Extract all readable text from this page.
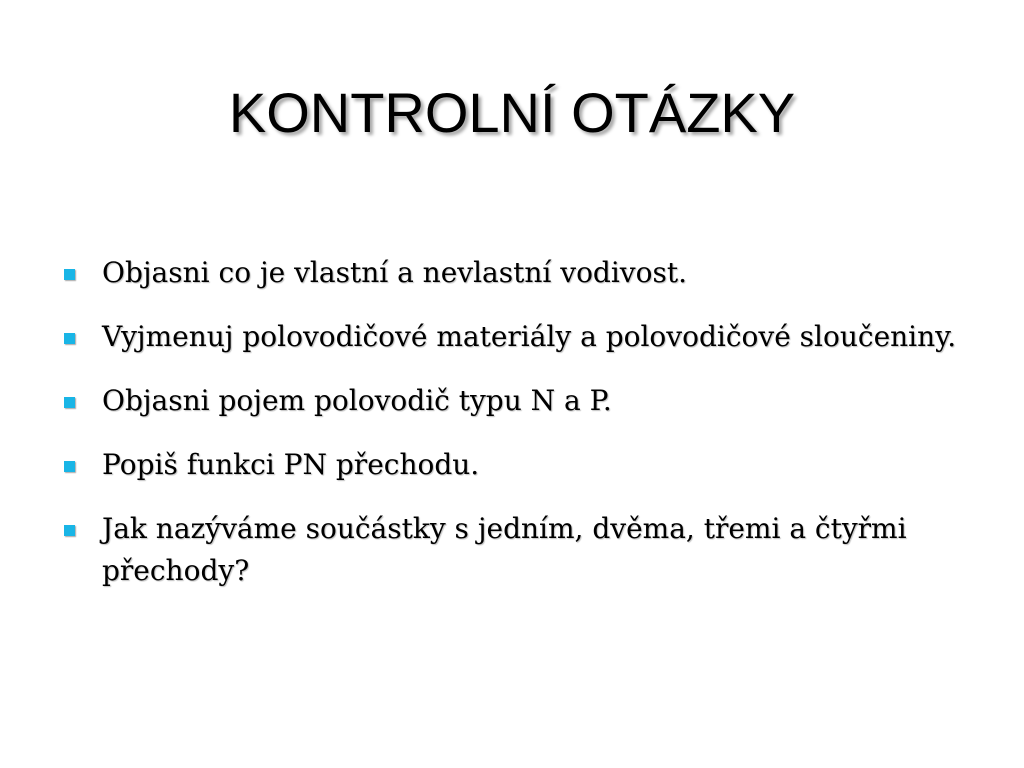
KONTROLNÍ OTÁZKY
Objasni co je vlastní a nevlastní vodivost.
Vyjmenuj polovodičové materiály a polovodičové sloučeniny.
Objasni pojem polovodič typu N a P.
Popiš funkci PN přechodu.
Jak nazýváme součástky s jedním, dvěma, třemi a čtyřmi přechody?
